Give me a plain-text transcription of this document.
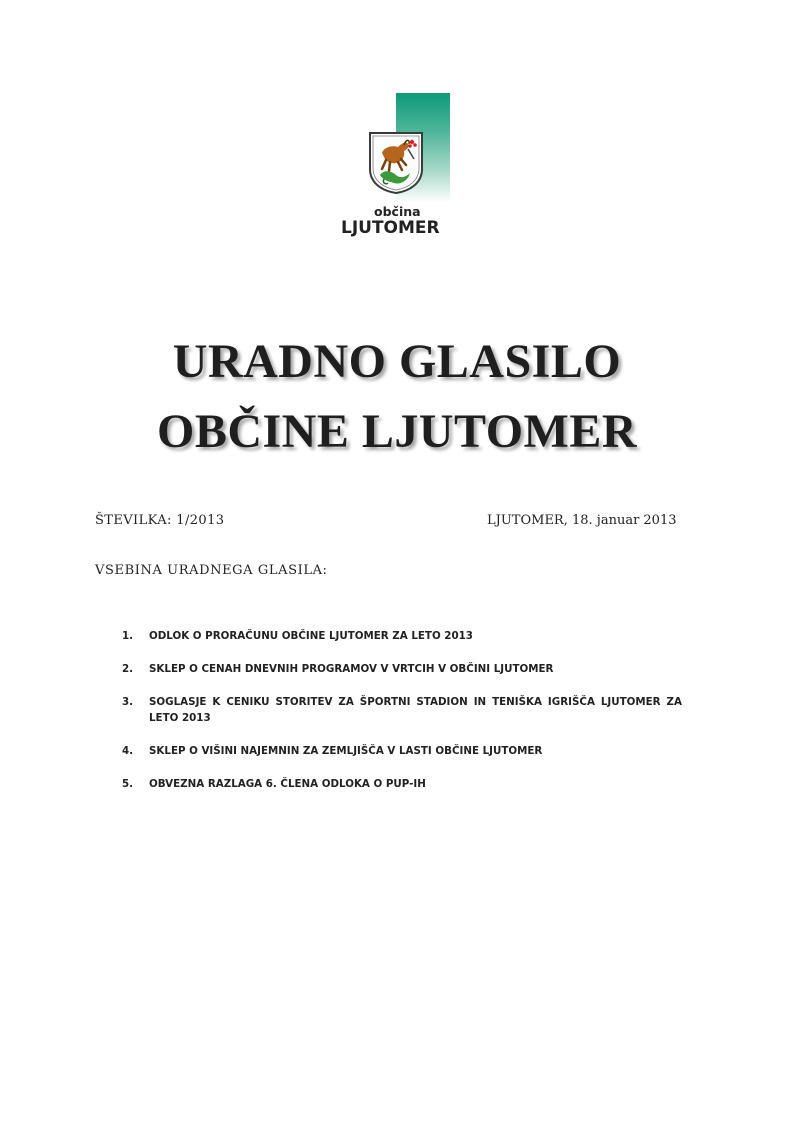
občina
LJUTOMER
URADNO GLASILO
OBČINE LJUTOMER
ŠTEVILKA: 1/2013	LJUTOMER, 18. januar 2013
VSEBINA URADNEGA GLASILA:
1. ODLOK O PRORAČUNU OBČINE LJUTOMER ZA LETO 2013
2. SKLEP O CENAH DNEVNIH PROGRAMOV V VRTCIH V OBČINI LJUTOMER
3. SOGLASJE K CENIKU STORITEV ZA ŠPORTNI STADION IN TENIŠKA IGRIŠČA LJUTOMER ZA LETO 2013
4. SKLEP O VIŠINI NAJEMNIN ZA ZEMLJIŠČA V LASTI OBČINE LJUTOMER
5. OBVEZNA RAZLAGA 6. ČLENA ODLOKA O PUP-IH
